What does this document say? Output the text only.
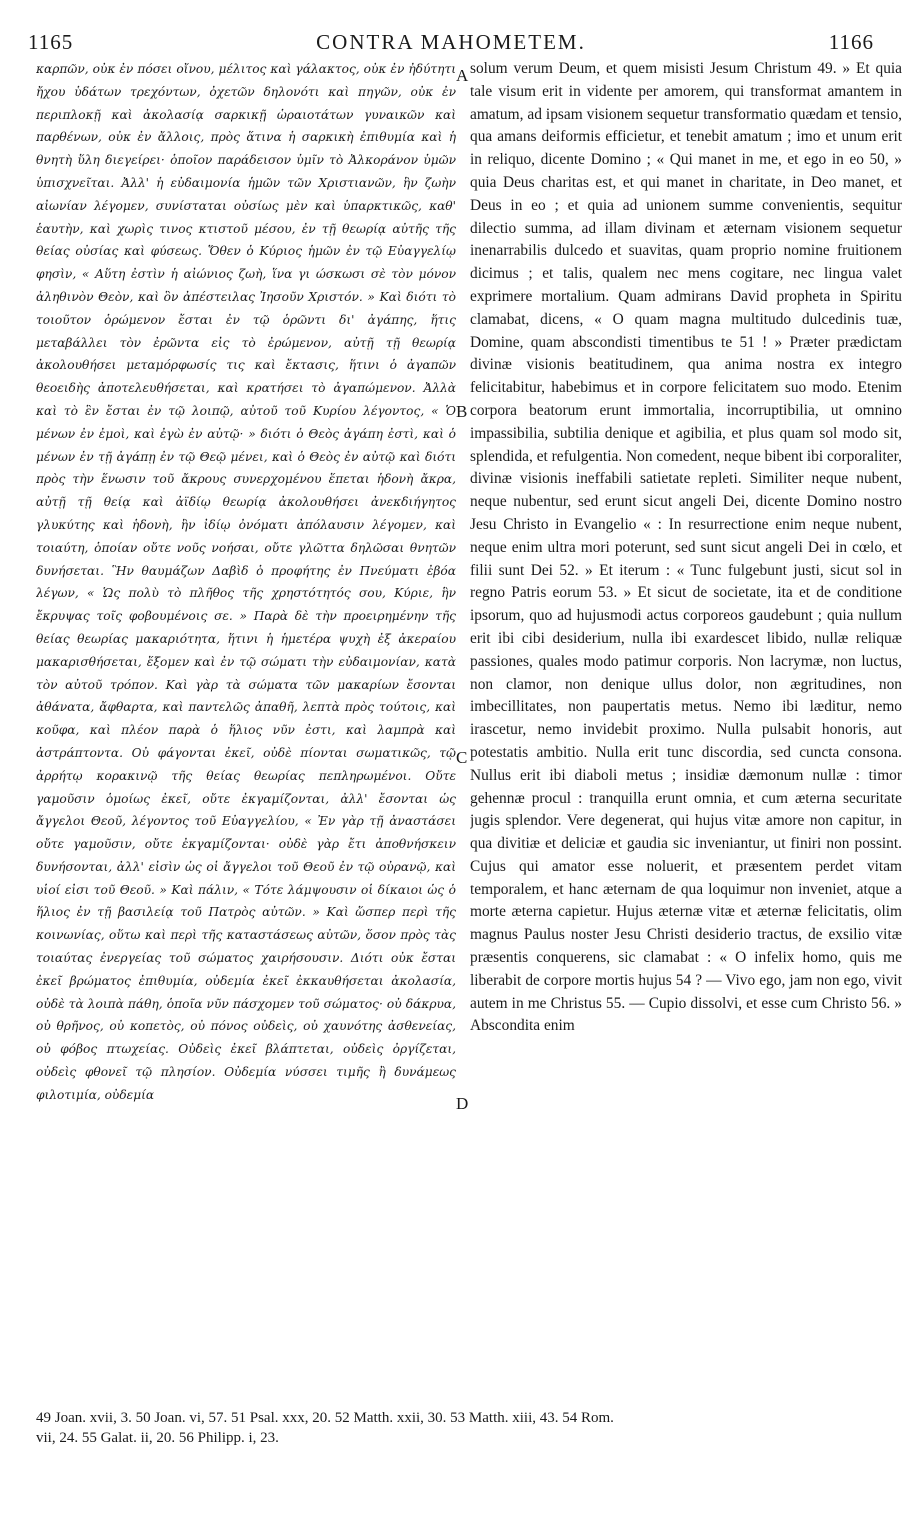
1165	CONTRA MAHOMETEM.	1166

καρπῶν, οὐκ ἐν πόσει οἴνου, μέλιτος καὶ γάλακτος, οὐκ ἐν ἠδύτητι ἤχου ὑδάτων τρεχόντων, ὀχετῶν δηλονότι καὶ πηγῶν, οὐκ ἐν περιπλοκῇ καὶ ἀκολασίᾳ σαρκικῇ ὡραιοτάτων γυναικῶν καὶ παρθένων, οὐκ ἐν ἄλλοις, πρὸς ἅτινα ἡ σαρκικὴ ἐπιθυμία καὶ ἡ θνητὴ ὕλη διεγείρει· ὁποῖον παράδεισον ὑμῖν τὸ Ἀλκοράνον ὑμῶν ὑπισχνεῖται. Ἀλλ' ἡ εὐδαιμονία ἡμῶν τῶν Χριστιανῶν, ἣν ζωὴν αἰωνίαν λέγομεν, συνίσταται οὐσίως μὲν καὶ ὑπαρκτικῶς, καθ' ἑαυτὴν, καὶ χωρὶς τινος κτιστοῦ μέσου, ἐν τῇ θεωρίᾳ αὐτῆς τῆς θείας οὐσίας καὶ φύσεως. Ὅθεν ὁ Κύριος ἡμῶν ἐν τῷ Εὐαγγελίῳ φησὶν, « Αὕτη ἐστὶν ἡ αἰώνιος ζωὴ, ἵνα γι ώσκωσι σὲ τὸν μόνον ἀληθινὸν Θεὸν, καὶ ὃν ἀπέστειλας Ἰησοῦν Χριστόν. » Καὶ διότι τὸ τοιοῦτον ὁρώμενον ἔσται ἐν τῷ ὁρῶντι δι' ἀγάπης, ἥτις μεταβάλλει τὸν ἐρῶντα εἰς τὸ ἐρώμενον, αὐτῇ τῇ θεωρίᾳ ἀκολουθήσει μεταμόρφωσίς τις καὶ ἔκτασις, ἥτινι ὁ ἀγαπῶν θεοειδὴς ἀποτελευθήσεται, καὶ κρατήσει τὸ ἀγαπώμενον. Ἀλλὰ καὶ τὸ ἓν ἔσται ἐν τῷ λοιπῷ, αὐτοῦ τοῦ Κυρίου λέγοντος, « Ὁ μένων ἐν ἐμοὶ, καὶ ἐγὼ ἐν αὐτῷ· » διότι ὁ Θεὸς ἀγάπη ἐστὶ, καὶ ὁ μένων ἐν τῇ ἀγάπῃ ἐν τῷ Θεῷ μένει, καὶ ὁ Θεὸς ἐν αὐτῷ καὶ διότι πρὸς τὴν ἕνωσιν τοῦ ἄκρους συνερχομένου ἕπεται ἡδονὴ ἄκρα, αὐτῇ τῇ θείᾳ καὶ ἀϊδίῳ θεωρίᾳ ἀκολουθήσει ἀνεκδιήγητος γλυκύτης καὶ ἡδονὴ, ἣν ἰδίῳ ὀνόματι ἀπόλαυσιν λέγομεν, καὶ τοιαύτη, ὁποίαν οὔτε νοῦς νοήσαι, οὔτε γλῶττα δηλῶσαι θνητῶν δυνήσεται. Ἣν θαυμάζων Δαβὶδ ὁ προφήτης ἐν Πνεύματι ἐβόα λέγων, « Ὡς πολὺ τὸ πλῆθος τῆς χρηστότητός σου, Κύριε, ἣν ἔκρυψας τοῖς φοβουμένοις σε. » Παρὰ δὲ τὴν προειρημένην τῆς θείας θεωρίας μακαριότητα, ἥτινι ἡ ἡμετέρα ψυχὴ ἐξ ἀκεραίου μακαρισθήσεται, ἕξομεν καὶ ἐν τῷ σώματι τὴν εὐδαιμονίαν, κατὰ τὸν αὐτοῦ τρόπον. Καὶ γὰρ τὰ σώματα τῶν μακαρίων ἔσονται ἀθάνατα, ἄφθαρτα, καὶ παντελῶς ἀπαθῆ, λεπτὰ πρὸς τούτοις, καὶ κοῦφα, καὶ πλέον παρὰ ὁ ἥλιος νῦν ἐστι, καὶ λαμπρὰ καὶ ἀστράπτοντα. Οὐ φάγονται ἐκεῖ, οὐδὲ πίονται σωματικῶς, τῷ ἀρρήτῳ κορακινῷ τῆς θείας θεωρίας πεπληρωμένοι. Οὔτε γαμοῦσιν ὁμοίως ἐκεῖ, οὔτε ἐκγαμίζονται, ἀλλ' ἔσονται ὡς ἄγγελοι Θεοῦ, λέγοντος τοῦ Εὐαγγελίου, « Ἐν γὰρ τῇ ἀναστάσει οὔτε γαμοῦσιν, οὔτε ἐκγαμίζονται· οὐδὲ γὰρ ἔτι ἀποθνήσκειν δυνήσονται, ἀλλ' εἰσὶν ὡς οἱ ἄγγελοι τοῦ Θεοῦ ἐν τῷ οὐρανῷ, καὶ υἱοί εἰσι τοῦ Θεοῦ. » Καὶ πάλιν, « Τότε λάμψουσιν οἱ δίκαιοι ὡς ὁ ἥλιος ἐν τῇ βασιλείᾳ τοῦ Πατρὸς αὐτῶν. » Καὶ ὥσπερ περὶ τῆς κοινωνίας, οὕτω καὶ περὶ τῆς καταστάσεως αὐτῶν, ὅσον πρὸς τὰς τοιαύτας ἐνεργείας τοῦ σώματος χαιρήσουσιν. Διότι οὐκ ἔσται ἐκεῖ βρώματος ἐπιθυμία, οὐδεμία ἐκεῖ ἐκκαυθήσεται ἀκολασία, οὐδὲ τὰ λοιπὰ πάθη, ὁποῖα νῦν πάσχομεν τοῦ σώματος· οὐ δάκρυα, οὐ θρῆνος, οὐ κοπετὸς, οὐ πόνος οὐδεὶς, οὐ χαυνότης ἀσθενείας, οὐ φόβος πτωχείας. Οὐδεὶς ἐκεῖ βλάπτεται, οὐδεὶς ὀργίζεται, οὐδεὶς φθονεῖ τῷ πλησίον. Οὐδεμία νύσσει τιμῆς ἢ δυνάμεως φιλοτιμία, οὐδεμία

solum verum Deum, et quem misisti Jesum Christum 49. » Et quia tale visum erit in vidente per amorem, qui transformat amantem in amatum, ad ipsam visionem sequetur transformatio quædam et tensio, qua amans deiformis efficietur, et tenebit amatum ; imo et unum erit in reliquo, dicente Domino ; « Qui manet in me, et ego in eo 50, » quia Deus charitas est, et qui manet in charitate, in Deo manet, et Deus in eo ; et quia ad unionem summe convenientis, sequitur dilectio summa, ad illam divinam et æternam visionem sequetur inenarrabilis dulcedo et suavitas, quam proprio nomine fruitionem dicimus ; et talis, qualem nec mens cogitare, nec lingua valet exprimere mortalium. Quam admirans David propheta in Spiritu clamabat, dicens, « O quam magna multitudo dulcedinis tuæ, Domine, quam abscondisti timentibus te 51 ! » Præter prædictam divinæ visionis beatitudinem, qua anima nostra ex integro felicitabitur, habebimus et in corpore felicitatem suo modo. Etenim corpora beatorum erunt immortalia, incorruptibilia, ut omnino impassibilia, subtilia denique et agibilia, et plus quam sol modo sit, splendida, et refulgentia. Non comedent, neque bibent ibi corporaliter, divinæ visionis ineffabili satietate repleti. Similiter neque nubent, neque nubentur, sed erunt sicut angeli Dei, dicente Domino nostro Jesu Christo in Evangelio « : In resurrectione enim neque nubent, neque enim ultra mori poterunt, sed sunt sicut angeli Dei in cœlo, et filii sunt Dei 52. » Et iterum : « Tunc fulgebunt justi, sicut sol in regno Patris eorum 53. » Et sicut de societate, ita et de conditione ipsorum, quo ad hujusmodi actus corporeos gaudebunt ; quia nullum erit ibi cibi desiderium, nulla ibi exardescet libido, nullæ reliquæ passiones, quales modo patimur corporis. Non lacrymæ, non luctus, non clamor, non denique ullus dolor, non ægritudines, non imbecillitates, non paupertatis metus. Nemo ibi læditur, nemo irascetur, nemo invidebit proximo. Nulla pulsabit honoris, aut potestatis ambitio. Nulla erit tunc discordia, sed cuncta consona. Nullus erit ibi diaboli metus ; insidiæ dæmonum nullæ : timor gehennæ procul : tranquilla erunt omnia, et cum æterna securitate jugis splendor. Vere degenerat, qui hujus vitæ amore non capitur, in qua divitiæ et deliciæ et gaudia sic inveniantur, ut finiri non possint. Cujus qui amator esse noluerit, et præsentem perdet vitam temporalem, et hanc æternam de qua loquimur non inveniet, atque a morte æterna capietur. Hujus æternæ vitæ et æternæ felicitatis, olim magnus Paulus noster Jesu Christi desiderio tractus, de exsilio vitæ præsentis conquerens, sic clamabat : « O infelix homo, quis me liberabit de corpore mortis hujus 54 ? — Vivo ego, jam non ego, vivit autem in me Christus 55. — Cupio dissolvi, et esse cum Christo 56. » Abscondita enim

A
B
C
D
49 Joan. xvii, 3. 50 Joan. vi, 57. 51 Psal. xxx, 20. 52 Matth. xxii, 30. 53 Matth. xiii, 43. 54 Rom.
vii, 24. 55 Galat. ii, 20. 56 Philipp. i, 23.
